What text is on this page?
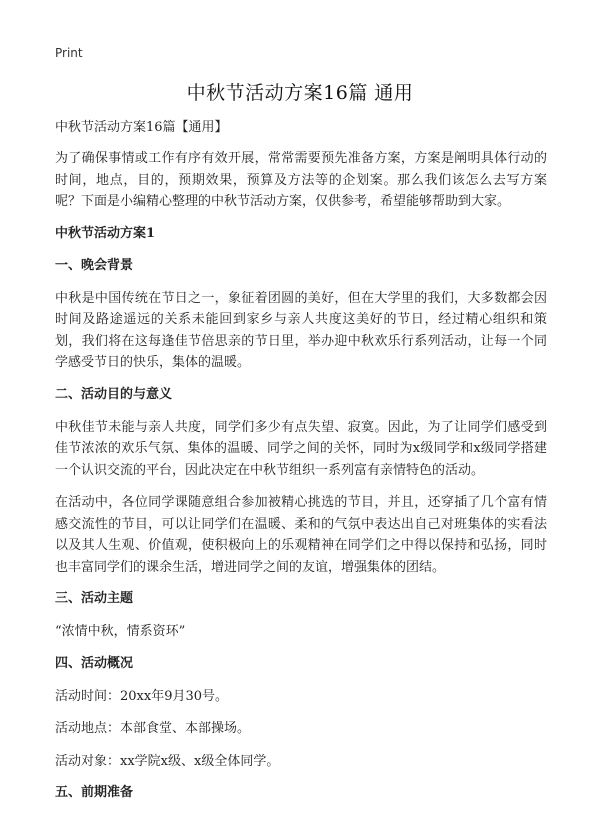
Print
中秋节活动方案16篇 通用
中秋节活动方案16篇【通用】

为了确保事情或工作有序有效开展，常常需要预先准备方案，方案是阐明具体行动的时间，地点，目的，预期效果，预算及方法等的企划案。那么我们该怎么去写方案呢？下面是小编精心整理的中秋节活动方案，仅供参考，希望能够帮助到大家。

中秋节活动方案1
一、晚会背景

中秋是中国传统在节日之一，象征着团圆的美好，但在大学里的我们，大多数都会因时间及路途遥远的关系未能回到家乡与亲人共度这美好的节日，经过精心组织和策划，我们将在这每逢佳节倍思亲的节日里，举办迎中秋欢乐行系列活动，让每一个同学感受节日的快乐，集体的温暖。

二、活动目的与意义

中秋佳节未能与亲人共度，同学们多少有点失望、寂寞。因此，为了让同学们感受到佳节浓浓的欢乐气氛、集体的温暖、同学之间的关怀，同时为x级同学和x级同学搭建一个认识交流的平台，因此决定在中秋节组织一系列富有亲情特色的活动。

在活动中，各位同学课随意组合参加被精心挑选的节目，并且，还穿插了几个富有情感交流性的节目，可以让同学们在温暖、柔和的气氛中表达出自己对班集体的实看法以及其人生观、价值观，使积极向上的乐观精神在同学们之中得以保持和弘扬，同时也丰富同学们的课余生活，增进同学之间的友谊，增强集体的团结。

三、活动主题

“浓情中秋，情系资环”

四、活动概况

活动时间：20xx年9月30号。

活动地点：本部食堂、本部操场。

活动对象：xx学院x级、x级全体同学。

五、前期准备
